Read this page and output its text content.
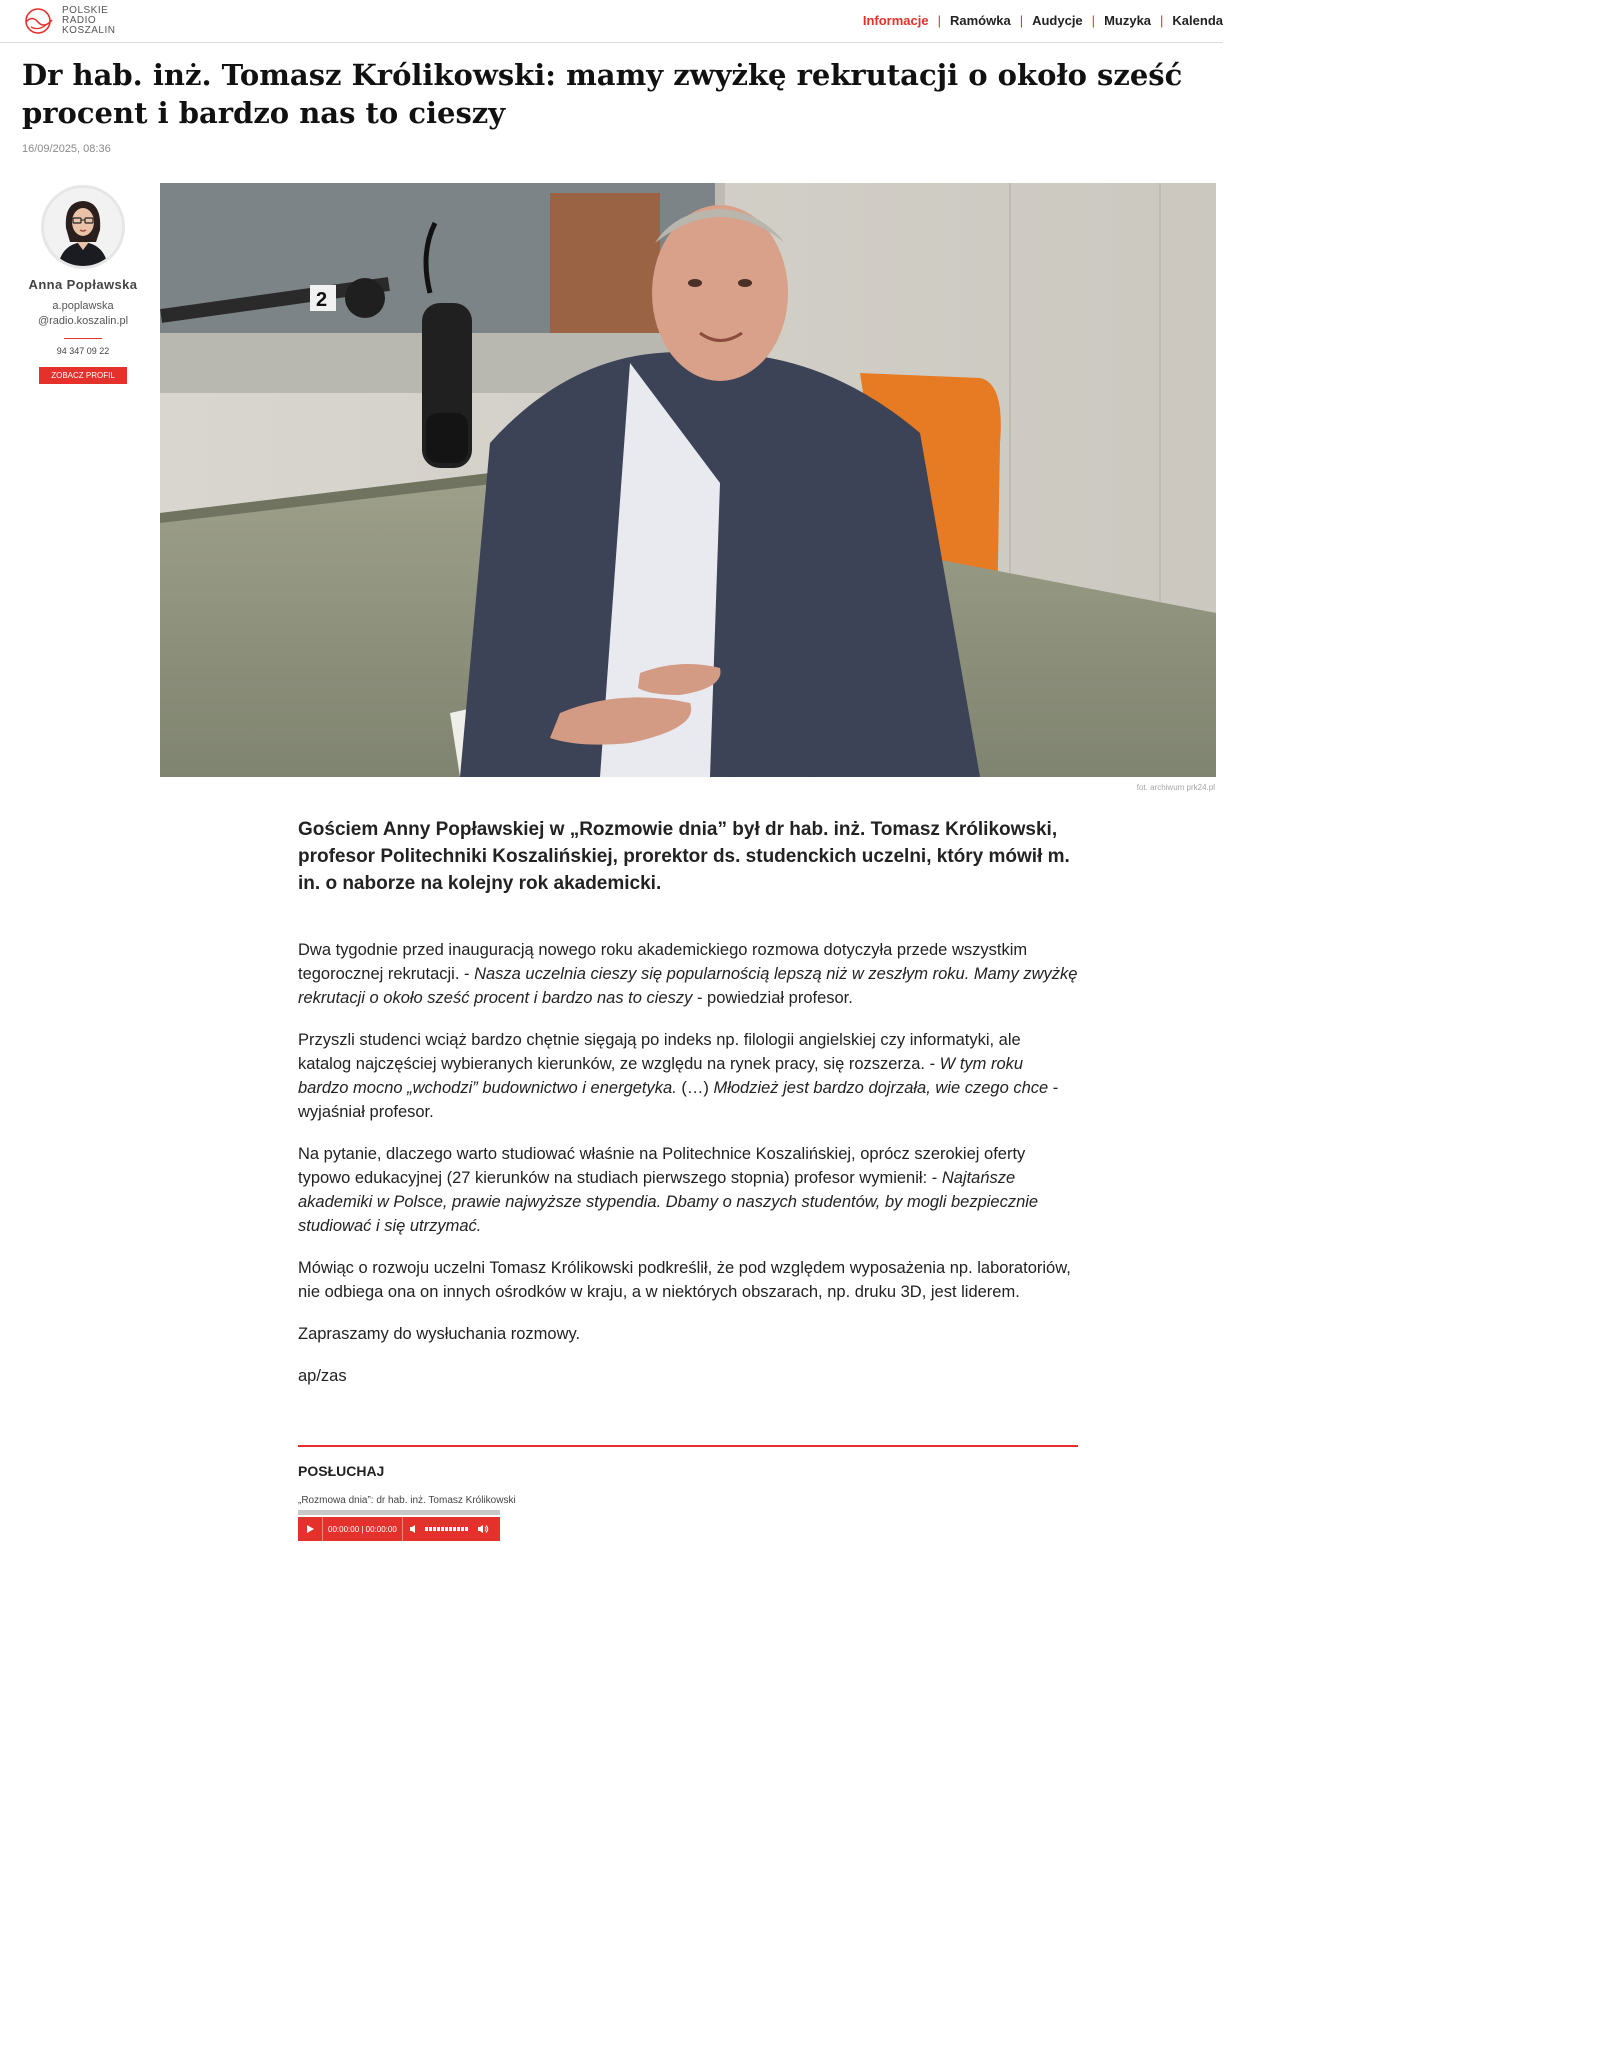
POLSKIE
RADIO
KOSZALIN
Informacje | Ramówka | Audycje | Muzyka | Kalenda
Dr hab. inż. Tomasz Królikowski: mamy zwyżkę rekrutacji o około sześć procent i bardzo nas to cieszy
16/09/2025, 08:36
Anna Popławska
a.poplawska
@radio.koszalin.pl
94 347 09 22
ZOBACZ PROFIL
2
fot. archiwum prk24.pl

Gościem Anny Popławskiej w „Rozmowie dnia” był dr hab. inż. Tomasz Królikowski, profesor Politechniki Koszalińskiej, prorektor ds. studenckich uczelni, który mówił m. in. o naborze na kolejny rok akademicki.

Dwa tygodnie przed inauguracją nowego roku akademickiego rozmowa dotyczyła przede wszystkim tegorocznej rekrutacji. - Nasza uczelnia cieszy się popularnością lepszą niż w zeszłym roku. Mamy zwyżkę rekrutacji o około sześć procent i bardzo nas to cieszy - powiedział profesor.

Przyszli studenci wciąż bardzo chętnie sięgają po indeks np. filologii angielskiej czy informatyki, ale katalog najczęściej wybieranych kierunków, ze względu na rynek pracy, się rozszerza. - W tym roku bardzo mocno „wchodzi” budownictwo i energetyka. (…) Młodzież jest bardzo dojrzała, wie czego chce - wyjaśniał profesor.

Na pytanie, dlaczego warto studiować właśnie na Politechnice Koszalińskiej, oprócz szerokiej oferty typowo edukacyjnej (27 kierunków na studiach pierwszego stopnia) profesor wymienił: - Najtańsze akademiki w Polsce, prawie najwyższe stypendia. Dbamy o naszych studentów, by mogli bezpiecznie studiować i się utrzymać.

Mówiąc o rozwoju uczelni Tomasz Królikowski podkreślił, że pod względem wyposażenia np. laboratoriów, nie odbiega ona on innych ośrodków w kraju, a w niektórych obszarach, np. druku 3D, jest liderem.

Zapraszamy do wysłuchania rozmowy.

ap/zas

POSŁUCHAJ
„Rozmowa dnia”: dr hab. inż. Tomasz Królikowski
00:00:00 | 00:00:00
